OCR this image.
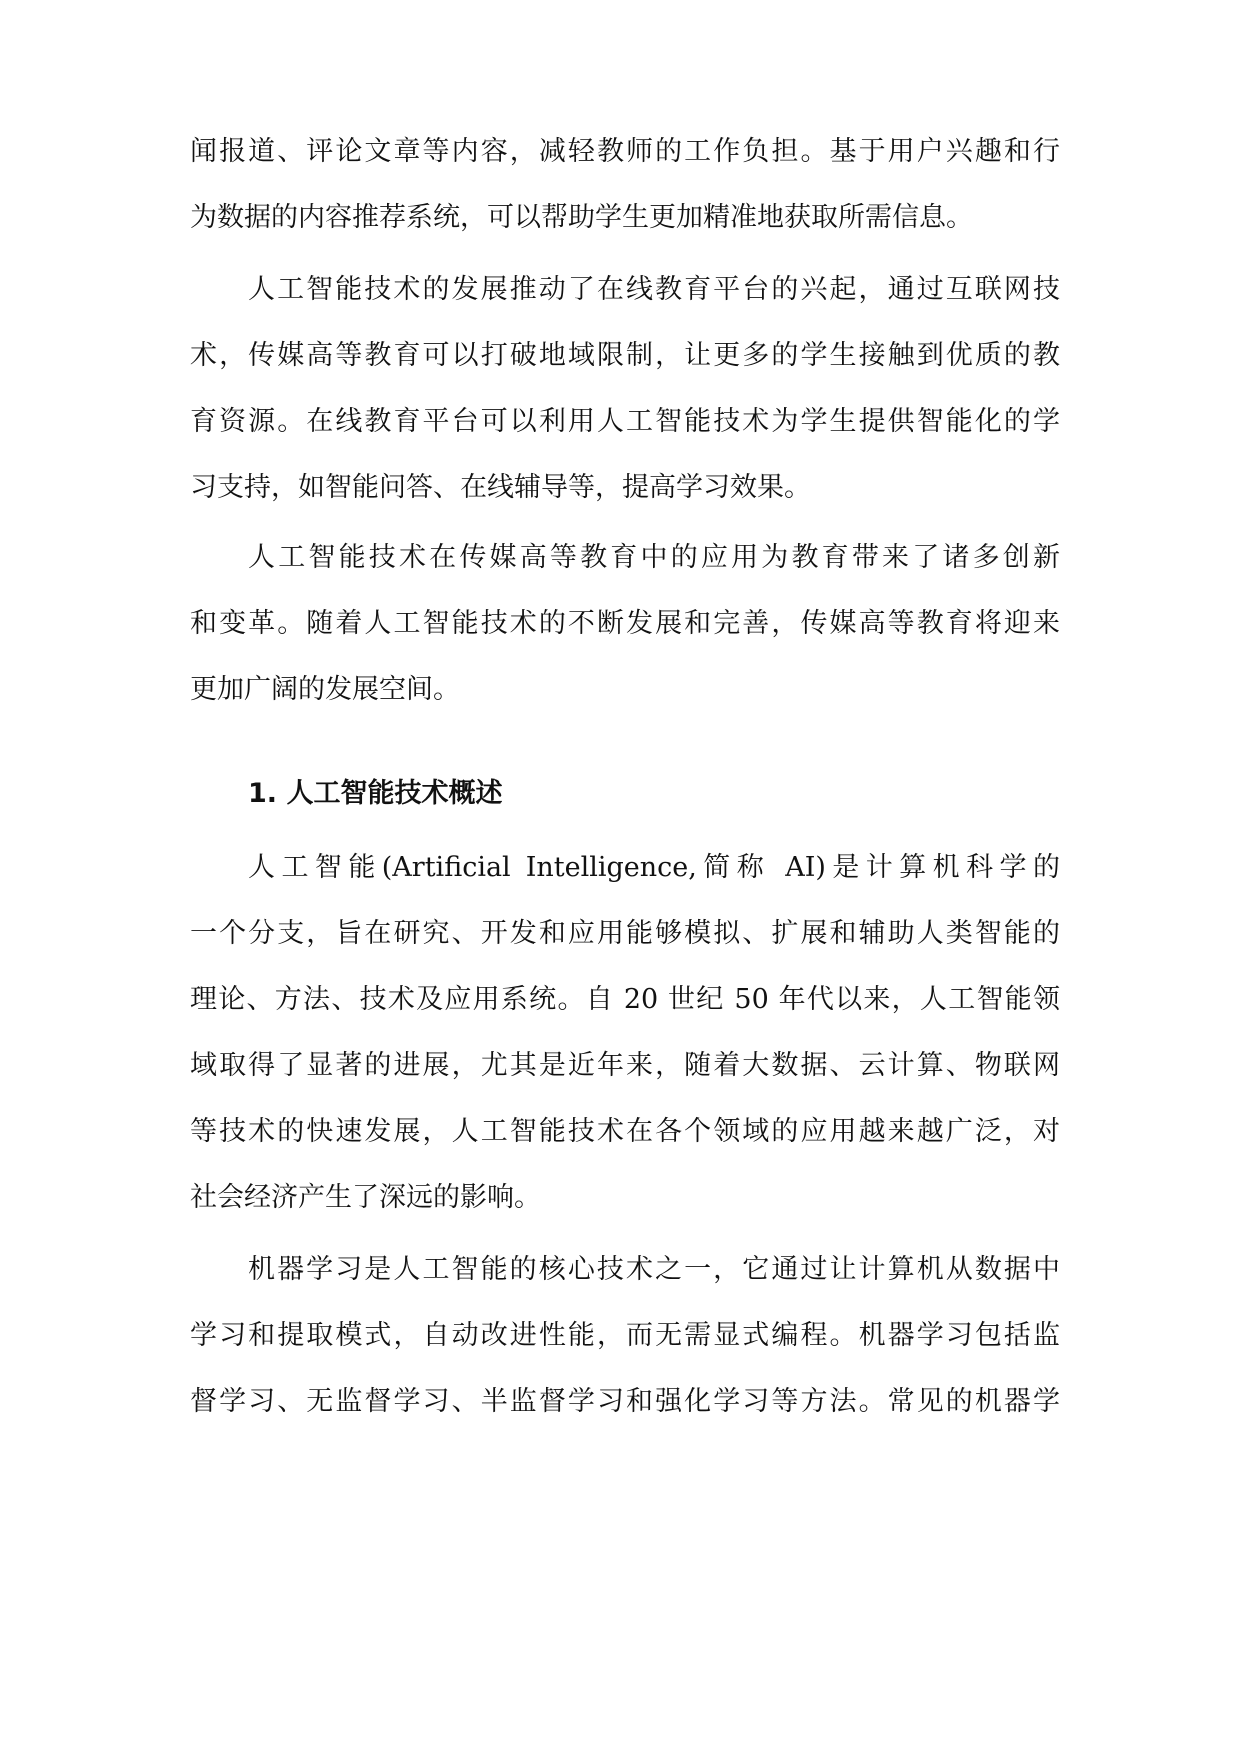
闻报道、评论文章等内容，减轻教师的工作负担。基于用户兴趣和行

为数据的内容推荐系统，可以帮助学生更加精准地获取所需信息。

人工智能技术的发展推动了在线教育平台的兴起，通过互联网技

术，传媒高等教育可以打破地域限制，让更多的学生接触到优质的教

育资源。在线教育平台可以利用人工智能技术为学生提供智能化的学

习支持，如智能问答、在线辅导等，提高学习效果。

人工智能技术在传媒高等教育中的应用为教育带来了诸多创新

和变革。随着人工智能技术的不断发展和完善，传媒高等教育将迎来

更加广阔的发展空间。

1. 人工智能技术概述

人工智能(Artificial Intelligence,简称 AI)是计算机科学的

一个分支，旨在研究、开发和应用能够模拟、扩展和辅助人类智能的

理论、方法、技术及应用系统。自 20 世纪 50 年代以来，人工智能领

域取得了显著的进展，尤其是近年来，随着大数据、云计算、物联网

等技术的快速发展，人工智能技术在各个领域的应用越来越广泛，对

社会经济产生了深远的影响。

机器学习是人工智能的核心技术之一，它通过让计算机从数据中

学习和提取模式，自动改进性能，而无需显式编程。机器学习包括监

督学习、无监督学习、半监督学习和强化学习等方法。常见的机器学
